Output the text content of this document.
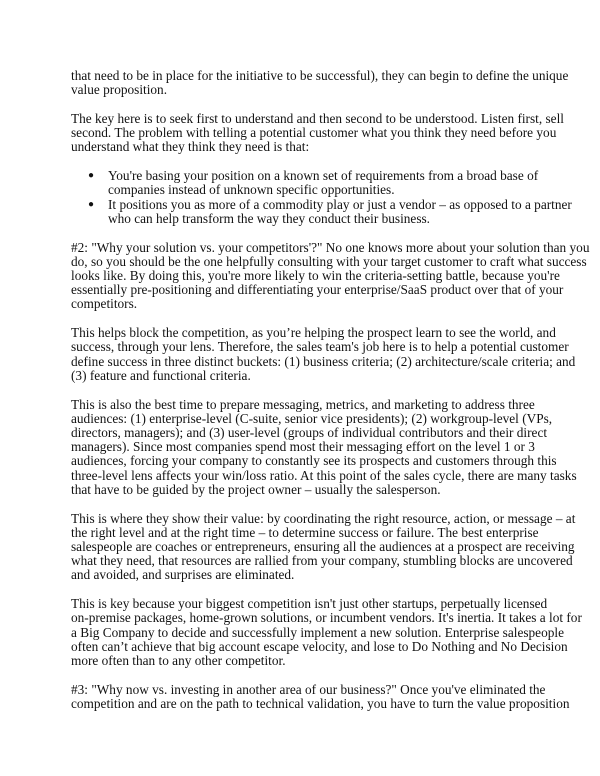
that need to be in place for the initiative to be successful), they can begin to define the unique
value proposition.

The key here is to seek first to understand and then second to be understood. Listen first, sell
second. The problem with telling a potential customer what you think they need before you
understand what they think they need is that:

● You're basing your position on a known set of requirements from a broad base of
companies instead of unknown specific opportunities.
● It positions you as more of a commodity play or just a vendor – as opposed to a partner
who can help transform the way they conduct their business.

#2: "Why your solution vs. your competitors'?" No one knows more about your solution than you
do, so you should be the one helpfully consulting with your target customer to craft what success
looks like. By doing this, you're more likely to win the criteria-setting battle, because you're
essentially pre-positioning and differentiating your enterprise/SaaS product over that of your
competitors.

This helps block the competition, as you’re helping the prospect learn to see the world, and
success, through your lens. Therefore, the sales team's job here is to help a potential customer
define success in three distinct buckets: (1) business criteria; (2) architecture/scale criteria; and
(3) feature and functional criteria.

This is also the best time to prepare messaging, metrics, and marketing to address three
audiences: (1) enterprise-level (C-suite, senior vice presidents); (2) workgroup-level (VPs,
directors, managers); and (3) user-level (groups of individual contributors and their direct
managers). Since most companies spend most their messaging effort on the level 1 or 3
audiences, forcing your company to constantly see its prospects and customers through this
three-level lens affects your win/loss ratio. At this point of the sales cycle, there are many tasks
that have to be guided by the project owner – usually the salesperson.

This is where they show their value: by coordinating the right resource, action, or message – at
the right level and at the right time – to determine success or failure. The best enterprise
salespeople are coaches or entrepreneurs, ensuring all the audiences at a prospect are receiving
what they need, that resources are rallied from your company, stumbling blocks are uncovered
and avoided, and surprises are eliminated.

This is key because your biggest competition isn't just other startups, perpetually licensed
on-premise packages, home-grown solutions, or incumbent vendors. It's inertia. It takes a lot for
a Big Company to decide and successfully implement a new solution. Enterprise salespeople
often can’t achieve that big account escape velocity, and lose to Do Nothing and No Decision
more often than to any other competitor.

#3: "Why now vs. investing in another area of our business?" Once you've eliminated the
competition and are on the path to technical validation, you have to turn the value proposition
